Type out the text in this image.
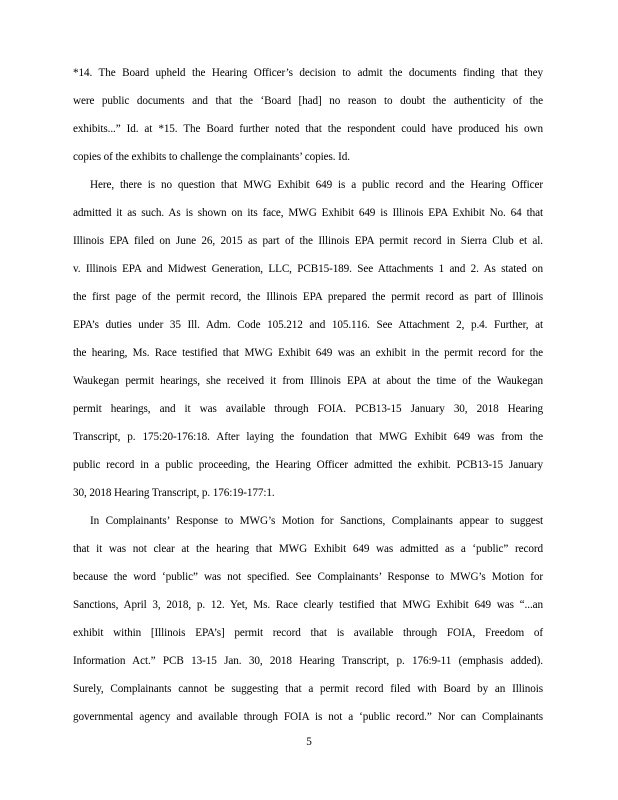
*14. The Board upheld the Hearing Officer’s decision to admit the documents finding that they
were public documents and that the ‘Board [had] no reason to doubt the authenticity of the
exhibits...” Id. at *15. The Board further noted that the respondent could have produced his own
copies of the exhibits to challenge the complainants’ copies. Id.
Here, there is no question that MWG Exhibit 649 is a public record and the Hearing Officer
admitted it as such. As is shown on its face, MWG Exhibit 649 is Illinois EPA Exhibit No. 64 that
Illinois EPA filed on June 26, 2015 as part of the Illinois EPA permit record in Sierra Club et al.
v. Illinois EPA and Midwest Generation, LLC, PCB15-189. See Attachments 1 and 2. As stated on
the first page of the permit record, the Illinois EPA prepared the permit record as part of Illinois
EPA’s duties under 35 Ill. Adm. Code 105.212 and 105.116. See Attachment 2, p.4. Further, at
the hearing, Ms. Race testified that MWG Exhibit 649 was an exhibit in the permit record for the
Waukegan permit hearings, she received it from Illinois EPA at about the time of the Waukegan
permit hearings, and it was available through FOIA. PCB13-15 January 30, 2018 Hearing
Transcript, p. 175:20-176:18. After laying the foundation that MWG Exhibit 649 was from the
public record in a public proceeding, the Hearing Officer admitted the exhibit. PCB13-15 January
30, 2018 Hearing Transcript, p. 176:19-177:1.
In Complainants’ Response to MWG’s Motion for Sanctions, Complainants appear to suggest
that it was not clear at the hearing that MWG Exhibit 649 was admitted as a ‘public” record
because the word ‘public” was not specified. See Complainants’ Response to MWG’s Motion for
Sanctions, April 3, 2018, p. 12. Yet, Ms. Race clearly testified that MWG Exhibit 649 was “...an
exhibit within [Illinois EPA’s] permit record that is available through FOIA, Freedom of
Information Act.” PCB 13-15 Jan. 30, 2018 Hearing Transcript, p. 176:9-11 (emphasis added).
Surely, Complainants cannot be suggesting that a permit record filed with Board by an Illinois
governmental agency and available through FOIA is not a ‘public record.” Nor can Complainants
5
